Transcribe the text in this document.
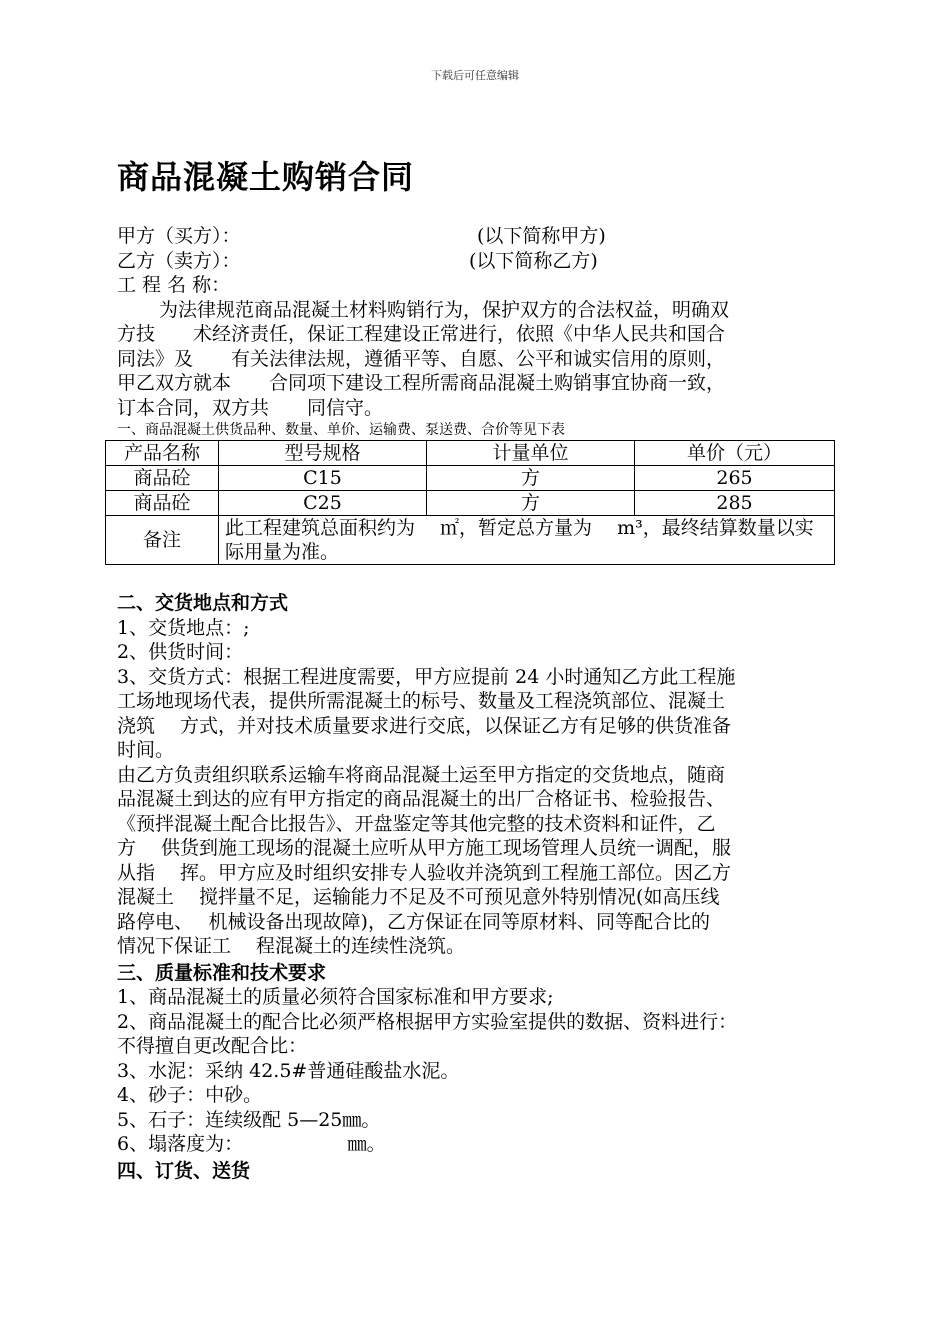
下载后可任意编辑
商品混凝土购销合同
甲方（买方）：	(以下简称甲方)
乙方（卖方）：	(以下简称乙方)
工 程 名 称：
为法律规范商品混凝土材料购销行为，保护双方的合法权益，明确双
方技　　术经济责任，保证工程建设正常进行，依照《中华人民共和国合
同法》及　　有关法律法规，遵循平等、自愿、公平和诚实信用的原则，
甲乙双方就本　　合同项下建设工程所需商品混凝土购销事宜协商一致，
订本合同，双方共　　同信守。
一、商品混凝土供货品种、数量、单价、运输费、泵送费、合价等见下表
产品名称	型号规格	计量单位	单价（元）
商品砼	C15	方	265
商品砼	C25	方	285
备注	此工程建筑总面积约为　 ㎡，暂定总方量为　 m³，最终结算数量以实际用量为准。		
二、交货地点和方式
1、交货地点：;
2、供货时间：
3、交货方式：根据工程进度需要，甲方应提前 24 小时通知乙方此工程施
工场地现场代表，提供所需混凝土的标号、数量及工程浇筑部位、混凝土
浇筑　 方式，并对技术质量要求进行交底，以保证乙方有足够的供货准备
时间。
由乙方负责组织联系运输车将商品混凝土运至甲方指定的交货地点，随商
品混凝土到达的应有甲方指定的商品混凝土的出厂合格证书、检验报告、
《预拌混凝土配合比报告》、开盘鉴定等其他完整的技术资料和证件，乙
方　 供货到施工现场的混凝土应听从甲方施工现场管理人员统一调配，服
从指　 挥。甲方应及时组织安排专人验收并浇筑到工程施工部位。因乙方
混凝土　 搅拌量不足，运输能力不足及不可预见意外特别情况(如高压线
路停电、　 机械设备出现故障)，乙方保证在同等原材料、同等配合比的
情况下保证工　 程混凝土的连续性浇筑。
三、质量标准和技术要求
1、商品混凝土的质量必须符合国家标准和甲方要求;
2、商品混凝土的配合比必须严格根据甲方实验室提供的数据、资料进行：
不得擅自更改配合比：
3、水泥：采纳 42.5#普通硅酸盐水泥。
4、砂子：中砂。
5、石子：连续级配 5—25㎜。
6、塌落度为：　　　　　　㎜。
四、订货、送货
